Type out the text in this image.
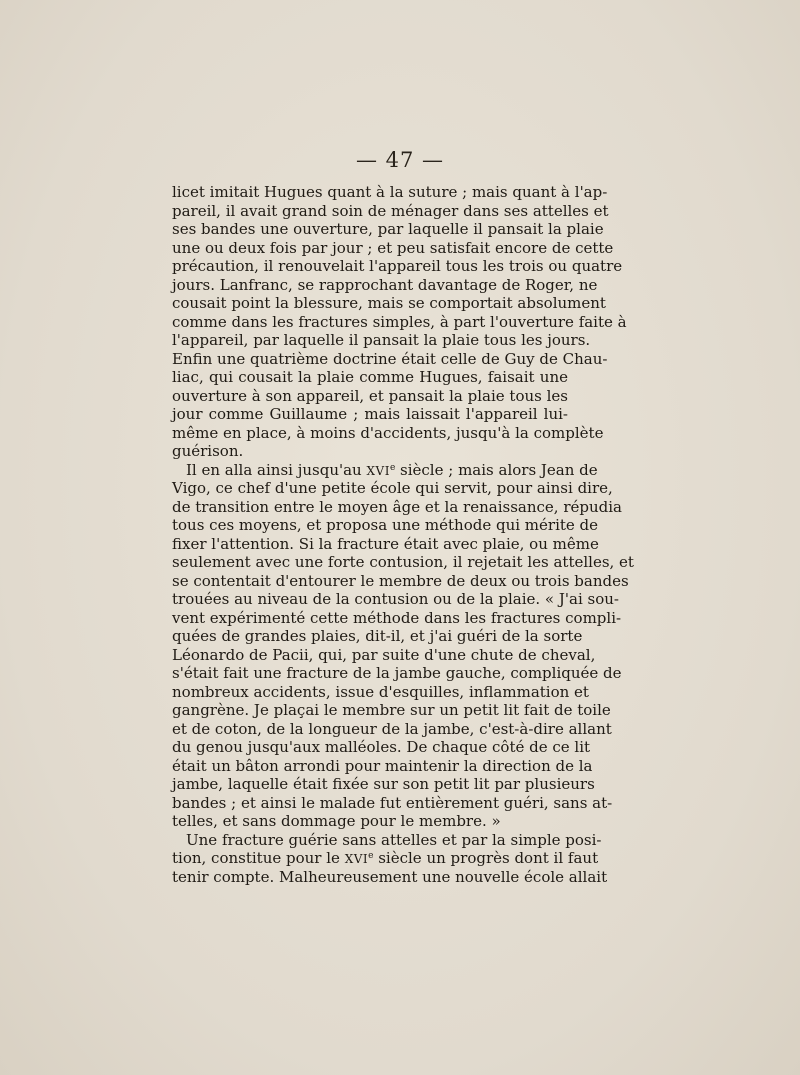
— 47 —
licet imitait Hugues quant à la suture ; mais quant à l'ap-
pareil, il avait grand soin de ménager dans ses attelles et
ses bandes une ouverture, par laquelle il pansait la plaie
une ou deux fois par jour ; et peu satisfait encore de cette
précaution, il renouvelait l'appareil tous les trois ou quatre
jours. Lanfranc, se rapprochant davantage de Roger, ne
cousait point la blessure, mais se comportait absolument
comme dans les fractures simples, à part l'ouverture faite à
l'appareil, par laquelle il pansait la plaie tous les jours.
Enfin une quatrième doctrine était celle de Guy de Chau-
liac, qui cousait la plaie comme Hugues, faisait une
ouverture à son appareil, et pansait la plaie tous les
jour comme Guillaume ; mais laissait l'appareil lui-
même en place, à moins d'accidents, jusqu'à la complète
guérison.
Il en alla ainsi jusqu'au XVIe siècle ; mais alors Jean de
Vigo, ce chef d'une petite école qui servit, pour ainsi dire,
de transition entre le moyen âge et la renaissance, répudia
tous ces moyens, et proposa une méthode qui mérite de
fixer l'attention. Si la fracture était avec plaie, ou même
seulement avec une forte contusion, il rejetait les attelles, et
se contentait d'entourer le membre de deux ou trois bandes
trouées au niveau de la contusion ou de la plaie. « J'ai sou-
vent expérimenté cette méthode dans les fractures compli-
quées de grandes plaies, dit-il, et j'ai guéri de la sorte
Léonardo de Pacii, qui, par suite d'une chute de cheval,
s'était fait une fracture de la jambe gauche, compliquée de
nombreux accidents, issue d'esquilles, inflammation et
gangrène. Je plaçai le membre sur un petit lit fait de toile
et de coton, de la longueur de la jambe, c'est-à-dire allant
du genou jusqu'aux malléoles. De chaque côté de ce lit
était un bâton arrondi pour maintenir la direction de la
jambe, laquelle était fixée sur son petit lit par plusieurs
bandes ; et ainsi le malade fut entièrement guéri, sans at-
telles, et sans dommage pour le membre. »
Une fracture guérie sans attelles et par la simple posi-
tion, constitue pour le XVIe siècle un progrès dont il faut
tenir compte. Malheureusement une nouvelle école allait
